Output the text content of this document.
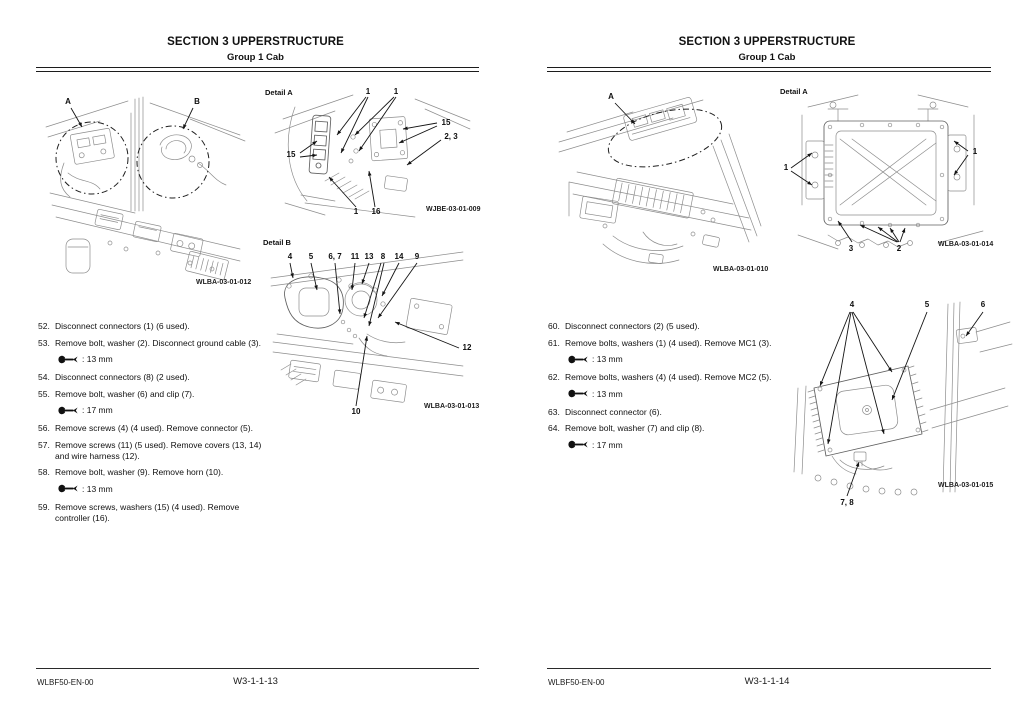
SECTION 3 UPPERSTRUCTURE
Group 1 Cab
A	B
WLBA-03-01-012
Detail A	1	1
15
2, 3
15
1 16	WJBE-03-01-009
Detail B
4 5 6, 7 11 13 8 14 9
12
10
WLBA-03-01-013
52. Disconnect connectors (1) (6 used).
53. Remove bolt, washer (2). Disconnect ground cable (3).
: 13 mm
54. Disconnect connectors (8) (2 used).
55. Remove bolt, washer (6) and clip (7).
: 17 mm
56. Remove screws (4) (4 used). Remove connector (5).
57. Remove screws (11) (5 used). Remove covers (13, 14) and wire harness (12).
58. Remove bolt, washer (9). Remove horn (10).
: 13 mm
59. Remove screws, washers (15) (4 used). Remove controller (16).
WLBF50-EN-00	W3-1-1-13
SECTION 3 UPPERSTRUCTURE
Group 1 Cab
A
WLBA-03-01-010
Detail A
1
1
3	2	WLBA-03-01-014
4	5	6
7, 8
WLBA-03-01-015
60. Disconnect connectors (2) (5 used).
61. Remove bolts, washers (1) (4 used). Remove MC1 (3).
: 13 mm
62. Remove bolts, washers (4) (4 used). Remove MC2 (5).
: 13 mm
63. Disconnect connector (6).
64. Remove bolt, washer (7) and clip (8).
: 17 mm
WLBF50-EN-00	W3-1-1-14
